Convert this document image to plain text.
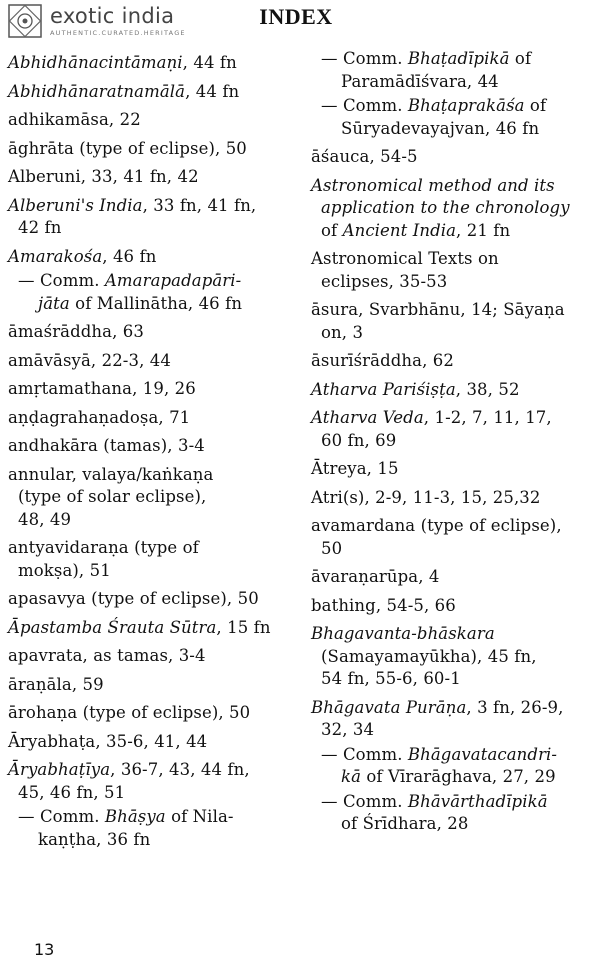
exotic india
AUTHENTIC.CURATED.HERITAGE
INDEX
Abhidhānacintāmaṇi, 44 fn
Abhidhānaratnamālā, 44 fn
adhikamāsa, 22
āghrāta (type of eclipse), 50
Alberuni, 33, 41 fn, 42
Alberuni's India, 33 fn, 41 fn,
42 fn
Amarakośa, 46 fn
— Comm. Amarapadapāri-
jāta of Mallinātha, 46 fn
āmaśrāddha, 63
amāvāsyā, 22-3, 44
amṛtamathana, 19, 26
aṇḍagrahaṇadoṣa, 71
andhakāra (tamas), 3-4
annular, valaya/kaṅkaṇa
(type of solar eclipse),
48, 49
antyavidaraṇa (type of
mokṣa), 51
apasavya (type of eclipse), 50
Āpastamba Śrauta Sūtra, 15 fn
apavrata, as tamas, 3-4
āraṇāla, 59
ārohaṇa (type of eclipse), 50
Āryabhaṭa, 35-6, 41, 44
Āryabhaṭīya, 36-7, 43, 44 fn,
45, 46 fn, 51
— Comm. Bhāṣya of Nila-
kaṇṭha, 36 fn
— Comm. Bhaṭadīpikā of
Paramādīśvara, 44
— Comm. Bhaṭaprakāśa of
Sūryadevayajvan, 46 fn
āśauca, 54-5
Astronomical method and its
application to the chronology
of Ancient India, 21 fn
Astronomical Texts on
eclipses, 35-53
āsura, Svarbhānu, 14; Sāyaṇa
on, 3
āsurīśrāddha, 62
Atharva Pariśiṣṭa, 38, 52
Atharva Veda, 1-2, 7, 11, 17,
60 fn, 69
Ātreya, 15
Atri(s), 2-9, 11-3, 15, 25,32
avamardana (type of eclipse),
50
āvaraṇarūpa, 4
bathing, 54-5, 66
Bhagavanta-bhāskara
(Samayamayūkha), 45 fn,
54 fn, 55-6, 60-1
Bhāgavata Purāṇa, 3 fn, 26-9,
32, 34
— Comm. Bhāgavatacandri-
kā of Vīrarāghava, 27, 29
— Comm. Bhāvārthadīpikā
of Śrīdhara, 28
13
